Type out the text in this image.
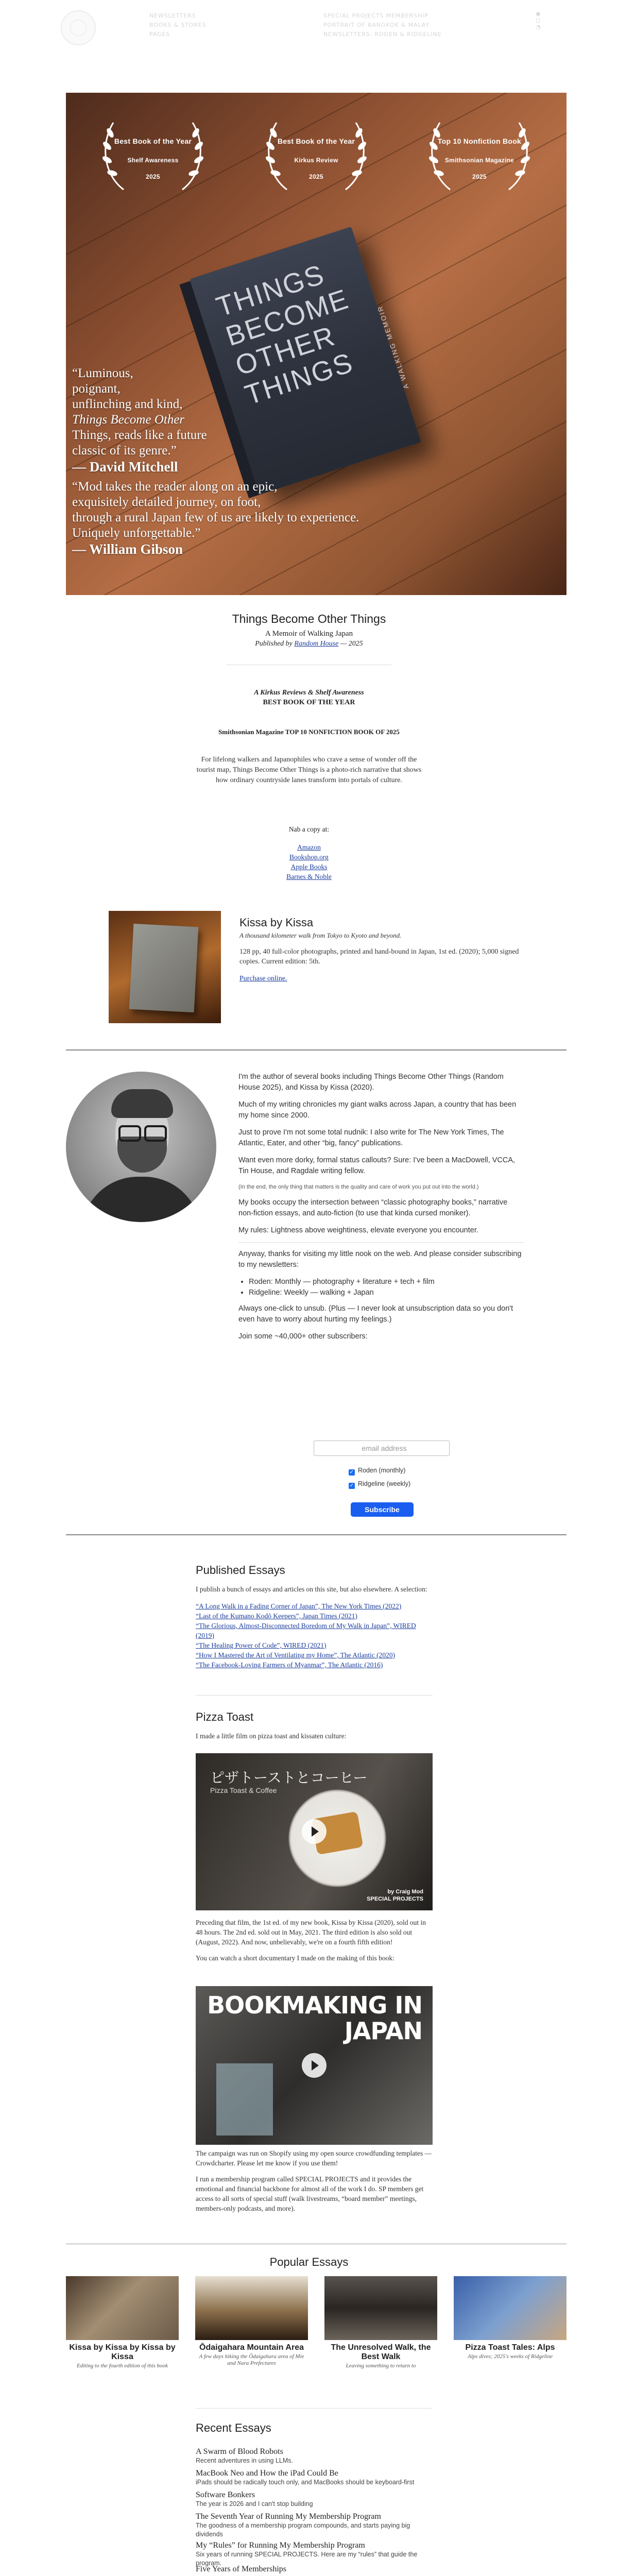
NEWSLETTERS
BOOKS & STORES
PAGES
SPECIAL PROJECTS MEMBERSHIP
PORTRAIT OF BANGKOK & MALAY
NEWSLETTERS: RODEN & RIDGELINE
◉
◻
◔
Best Book of the Year
Shelf Awareness
2025
Best Book of the Year
Kirkus Review
2025
Top 10 Nonfiction Book
Smithsonian Magazine
2025
THINGS BECOME OTHER THINGS	A WALKING MEMOIR
“Luminous,
poignant,
unflinching and kind,
Things Become Other
Things, reads like a future
classic of its genre.”
— David Mitchell
“Mod takes the reader along on an epic,
exquisitely detailed journey, on foot,
through a rural Japan few of us are likely to experience.
Uniquely unforgettable.”
— William Gibson
Things Become Other Things
A Memoir of Walking Japan
Published by Random House — 2025
A Kirkus Reviews & Shelf Awareness
BEST BOOK OF THE YEAR
Smithsonian Magazine TOP 10 NONFICTION BOOK OF 2025
For lifelong walkers and Japanophiles who crave a sense of wonder off the tourist map, Things Become Other Things is a photo-rich narrative that shows how ordinary countryside lanes transform into portals of culture.
Nab a copy at:
Amazon
Bookshop.org
Apple Books
Barnes & Noble
Kissa by Kissa
A thousand kilometer walk from Tokyo to Kyoto and beyond.
128 pp, 40 full-color photographs, printed and hand-bound in Japan, 1st ed. (2020); 5,000 signed copies. Current edition: 5th.
Purchase online.

I'm the author of several books including Things Become Other Things (Random House 2025), and Kissa by Kissa (2020).

Much of my writing chronicles my giant walks across Japan, a country that has been my home since 2000.

Just to prove I'm not some total nudnik: I also write for The New York Times, The Atlantic, Eater, and other “big, fancy” publications.

Want even more dorky, formal status callouts? Sure: I've been a MacDowell, VCCA, Tin House, and Ragdale writing fellow.

(In the end, the only thing that matters is the quality and care of work you put out into the world.)

My books occupy the intersection between “classic photography books,” narrative non-fiction essays, and auto-fiction (to use that kinda cursed moniker).

My rules: Lightness above weightiness, elevate everyone you encounter.

Anyway, thanks for visiting my little nook on the web. And please consider subscribing to my newsletters:

• Roden: Monthly — photography + literature + tech + film
• Ridgeline: Weekly — walking + Japan

Always one-click to unsub. (Plus — I never look at unsubscription data so you don't even have to worry about hurting my feelings.)

Join some ~40,000+ other subscribers:

email address
✓ Roden (monthly)
✓ Ridgeline (weekly)
Subscribe
Published Essays
I publish a bunch of essays and articles on this site, but also elsewhere. A selection:
“A Long Walk in a Fading Corner of Japan”, The New York Times (2022)
“Last of the Kumano Kodō Keepers”, Japan Times (2021)
“The Glorious, Almost-Disconnected Boredom of My Walk in Japan”, WIRED (2019)
“The Healing Power of Code”, WIRED (2021)
“How I Mastered the Art of Ventilating my Home”, The Atlantic (2020)
“The Facebook-Loving Farmers of Myanmar”, The Atlantic (2016)
Pizza Toast
I made a little film on pizza toast and kissaten culture:
ピザトーストとコーヒー
Pizza Toast & Coffee
by Craig Mod
SPECIAL PROJECTS
Preceding that film, the 1st ed. of my new book, Kissa by Kissa (2020), sold out in 48 hours. The 2nd ed. sold out in May, 2021. The third edition is also sold out (August, 2022). And now, unbelievably, we're on a fourth fifth edition!
You can watch a short documentary I made on the making of this book:
BOOKMAKING IN JAPAN
The campaign was run on Shopify using my open source crowdfunding templates — Crowdcharter. Please let me know if you use them!
I run a membership program called SPECIAL PROJECTS and it provides the emotional and financial backbone for almost all of the work I do. SP members get access to all sorts of special stuff (walk livestreams, “board member” meetings, members-only podcasts, and more).
Popular Essays
Kissa by Kissa by Kissa by Kissa
Editing to the fourth edition of this book
Ōdaigahara Mountain Area
A few days hiking the Ōdaigahara area of Mie and Nara Prefectures
The Unresolved Walk, the Best Walk
Leaving something to return to
Pizza Toast Tales: Alps
Alps dives; 2025's weeks of Ridgeline
Recent Essays
A Swarm of Blood Robots
Recent adventures in using LLMs.
MacBook Neo and How the iPad Could Be
iPads should be radically touch only, and MacBooks should be keyboard-first
Software Bonkers
The year is 2026 and I can't stop building
The Seventh Year of Running My Membership Program
The goodness of a membership program compounds, and starts paying big dividends
My “Rules” for Running My Membership Program
Six years of running SPECIAL PROJECTS. Here are my “rules” that guide the program.
Five Years of Memberships
